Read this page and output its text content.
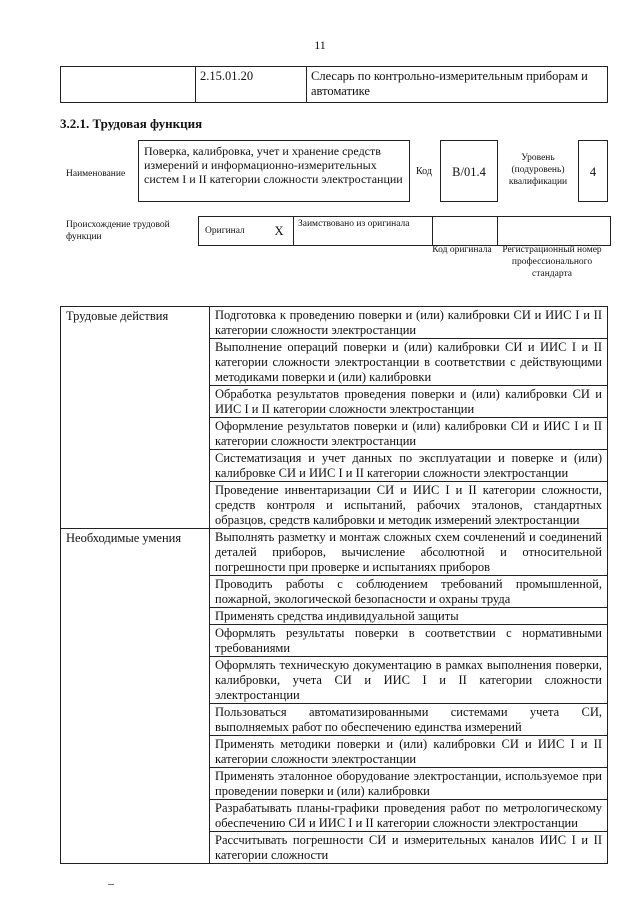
11
	2.15.01.20	Слесарь по контрольно-измерительным приборам и автоматике
3.2.1. Трудовая функция
Наименование
Поверка, калибровка, учет и хранение средств измерений и информационно-измерительных систем I и II категории сложности электростанции
Код	B/01.4
Уровень (подуровень) квалификации
4
Происхождение трудовой функции
Оригинал	X	Заимствовано из оригинала		
Код оригинала	Регистрационный номер профессионального стандарта
Трудовые действия	Подготовка к проведению поверки и (или) калибровки СИ и ИИС I и II категории сложности электростанции
	Выполнение операций поверки и (или) калибровки СИ и ИИС I и II категории сложности электростанции в соответствии с действующими методиками поверки и (или) калибровки
	Обработка результатов проведения поверки и (или) калибровки СИ и ИИС I и II категории сложности электростанции
	Оформление результатов поверки и (или) калибровки СИ и ИИС I и II категории сложности электростанции
	Систематизация и учет данных по эксплуатации и поверке и (или) калибровке СИ и ИИС I и II категории сложности электростанции
	Проведение инвентаризации СИ и ИИС I и II категории сложности, средств контроля и испытаний, рабочих эталонов, стандартных образцов, средств калибровки и методик измерений электростанции
Необходимые умения	Выполнять разметку и монтаж сложных схем сочленений и соединений деталей приборов, вычисление абсолютной и относительной погрешности при проверке и испытаниях приборов
	Проводить работы с соблюдением требований промышленной, пожарной, экологической безопасности и охраны труда
	Применять средства индивидуальной защиты
	Оформлять результаты поверки в соответствии с нормативными требованиями
	Оформлять техническую документацию в рамках выполнения поверки, калибровки, учета СИ и ИИС I и II категории сложности электростанции
	Пользоваться автоматизированными системами учета СИ, выполняемых работ по обеспечению единства измерений
	Применять методики поверки и (или) калибровки СИ и ИИС I и II категории сложности электростанции
	Применять эталонное оборудование электростанции, используемое при проведении поверки и (или) калибровки
	Разрабатывать планы-графики проведения работ по метрологическому обеспечению СИ и ИИС I и II категории сложности электростанции
	Рассчитывать погрешности СИ и измерительных каналов ИИС I и II категории сложности
